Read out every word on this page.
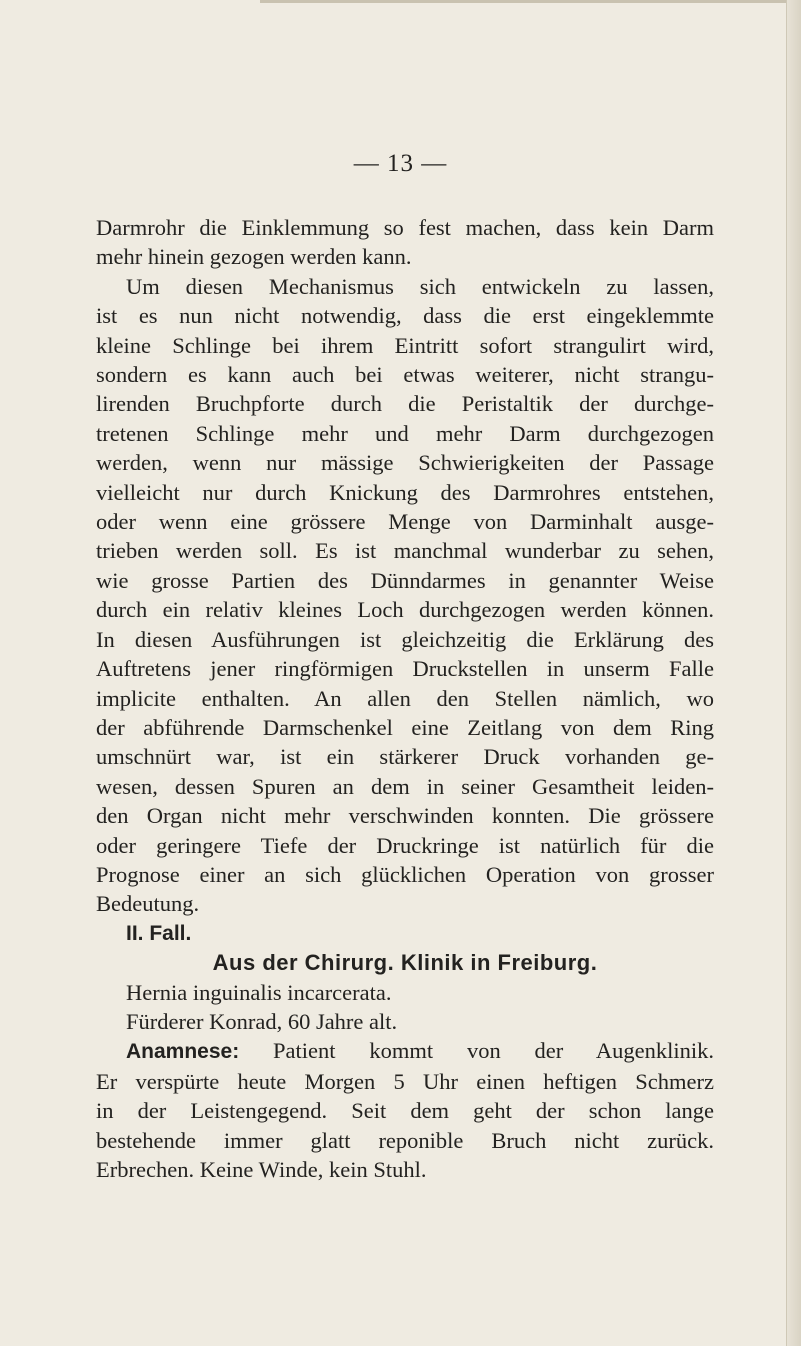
— 13 —
Darmrohr die Einklemmung so fest machen, dass kein Darm
mehr hinein gezogen werden kann.
Um diesen Mechanismus sich entwickeln zu lassen,
ist es nun nicht notwendig, dass die erst eingeklemmte
kleine Schlinge bei ihrem Eintritt sofort strangulirt wird,
sondern es kann auch bei etwas weiterer, nicht strangu-
lirenden Bruchpforte durch die Peristaltik der durchge-
tretenen Schlinge mehr und mehr Darm durchgezogen
werden, wenn nur mässige Schwierigkeiten der Passage
vielleicht nur durch Knickung des Darmrohres entstehen,
oder wenn eine grössere Menge von Darminhalt ausge-
trieben werden soll. Es ist manchmal wunderbar zu sehen,
wie grosse Partien des Dünndarmes in genannter Weise
durch ein relativ kleines Loch durchgezogen werden können.
In diesen Ausführungen ist gleichzeitig die Erklärung des
Auftretens jener ringförmigen Druckstellen in unserm Falle
implicite enthalten. An allen den Stellen nämlich, wo
der abführende Darmschenkel eine Zeitlang von dem Ring
umschnürt war, ist ein stärkerer Druck vorhanden ge-
wesen, dessen Spuren an dem in seiner Gesamtheit leiden-
den Organ nicht mehr verschwinden konnten. Die grössere
oder geringere Tiefe der Druckringe ist natürlich für die
Prognose einer an sich glücklichen Operation von grosser
Bedeutung.
II. Fall.
Aus der Chirurg. Klinik in Freiburg.
Hernia inguinalis incarcerata.
Fürderer Konrad, 60 Jahre alt.
Anamnese: Patient kommt von der Augenklinik.
Er verspürte heute Morgen 5 Uhr einen heftigen Schmerz
in der Leistengegend. Seit dem geht der schon lange
bestehende immer glatt reponible Bruch nicht zurück.
Erbrechen. Keine Winde, kein Stuhl.
